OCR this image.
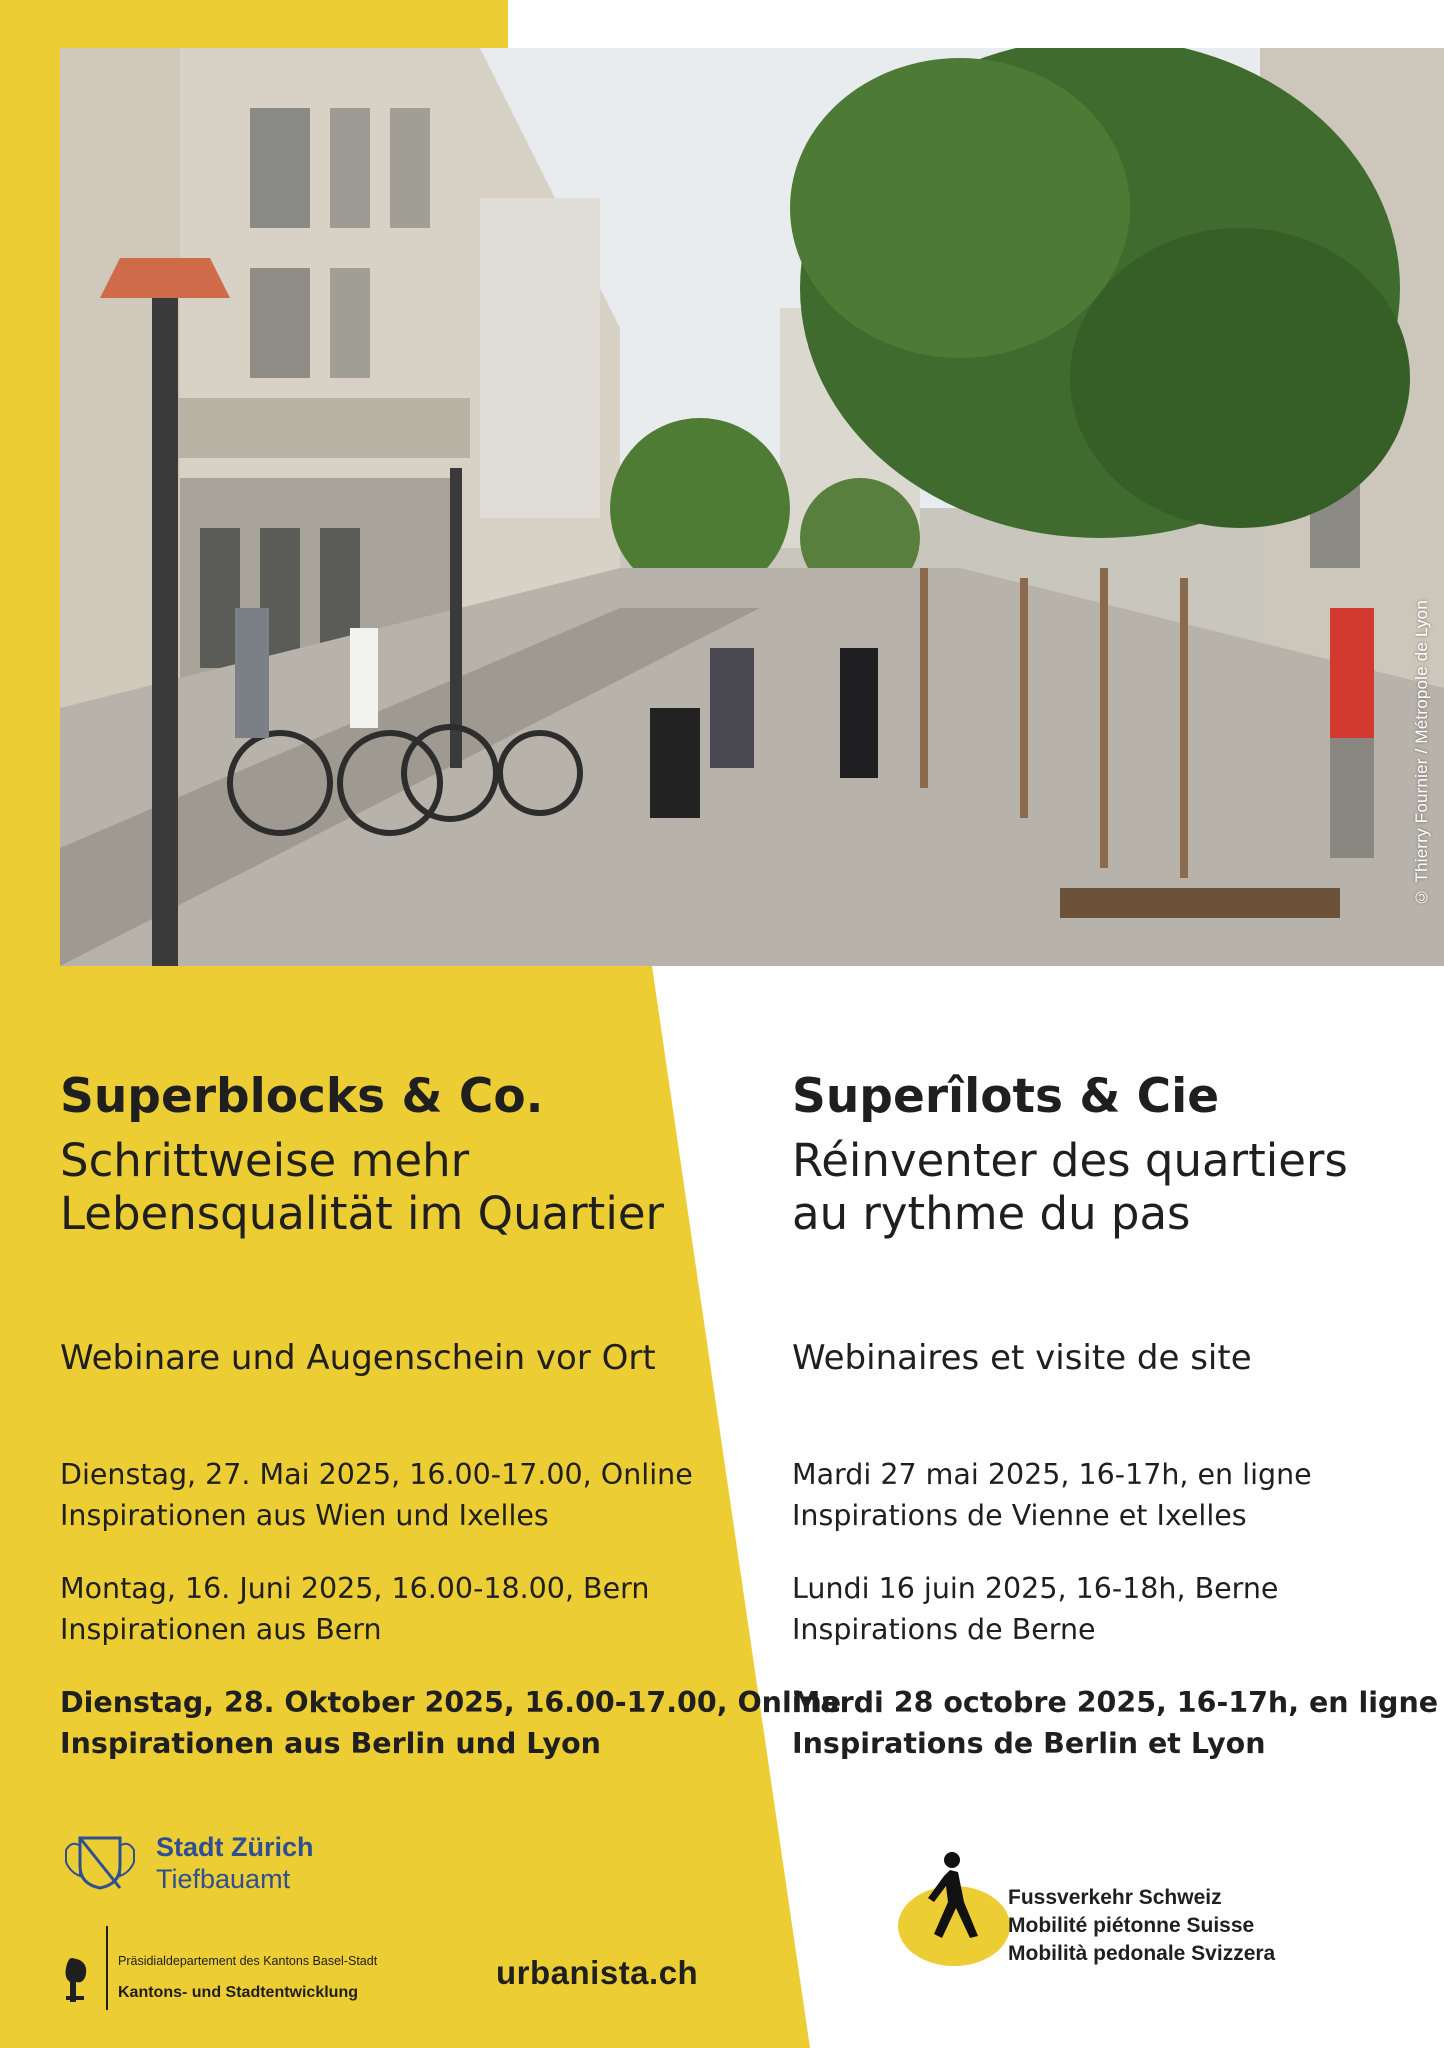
© Thierry Fournier / Métropole de Lyon
Superblocks & Co.
Schrittweise mehr
Lebensqualität im Quartier
Webinare und Augenschein vor Ort
Dienstag, 27. Mai 2025, 16.00-17.00, Online
Inspirationen aus Wien und Ixelles
Montag, 16. Juni 2025, 16.00-18.00, Bern
Inspirationen aus Bern
Dienstag, 28. Oktober 2025, 16.00-17.00, Online
Inspirationen aus Berlin und Lyon
Superîlots & Cie
Réinventer des quartiers
au rythme du pas
Webinaires et visite de site
Mardi 27 mai 2025, 16-17h, en ligne
Inspirations de Vienne et Ixelles
Lundi 16 juin 2025, 16-18h, Berne
Inspirations de Berne
Mardi 28 octobre 2025, 16-17h, en ligne
Inspirations de Berlin et Lyon
Stadt Zürich
Tiefbauamt
Präsidialdepartement des Kantons Basel-Stadt
Kantons- und Stadtentwicklung
urbanista.ch
Fussverkehr Schweiz
Mobilité piétonne Suisse
Mobilità pedonale Svizzera
